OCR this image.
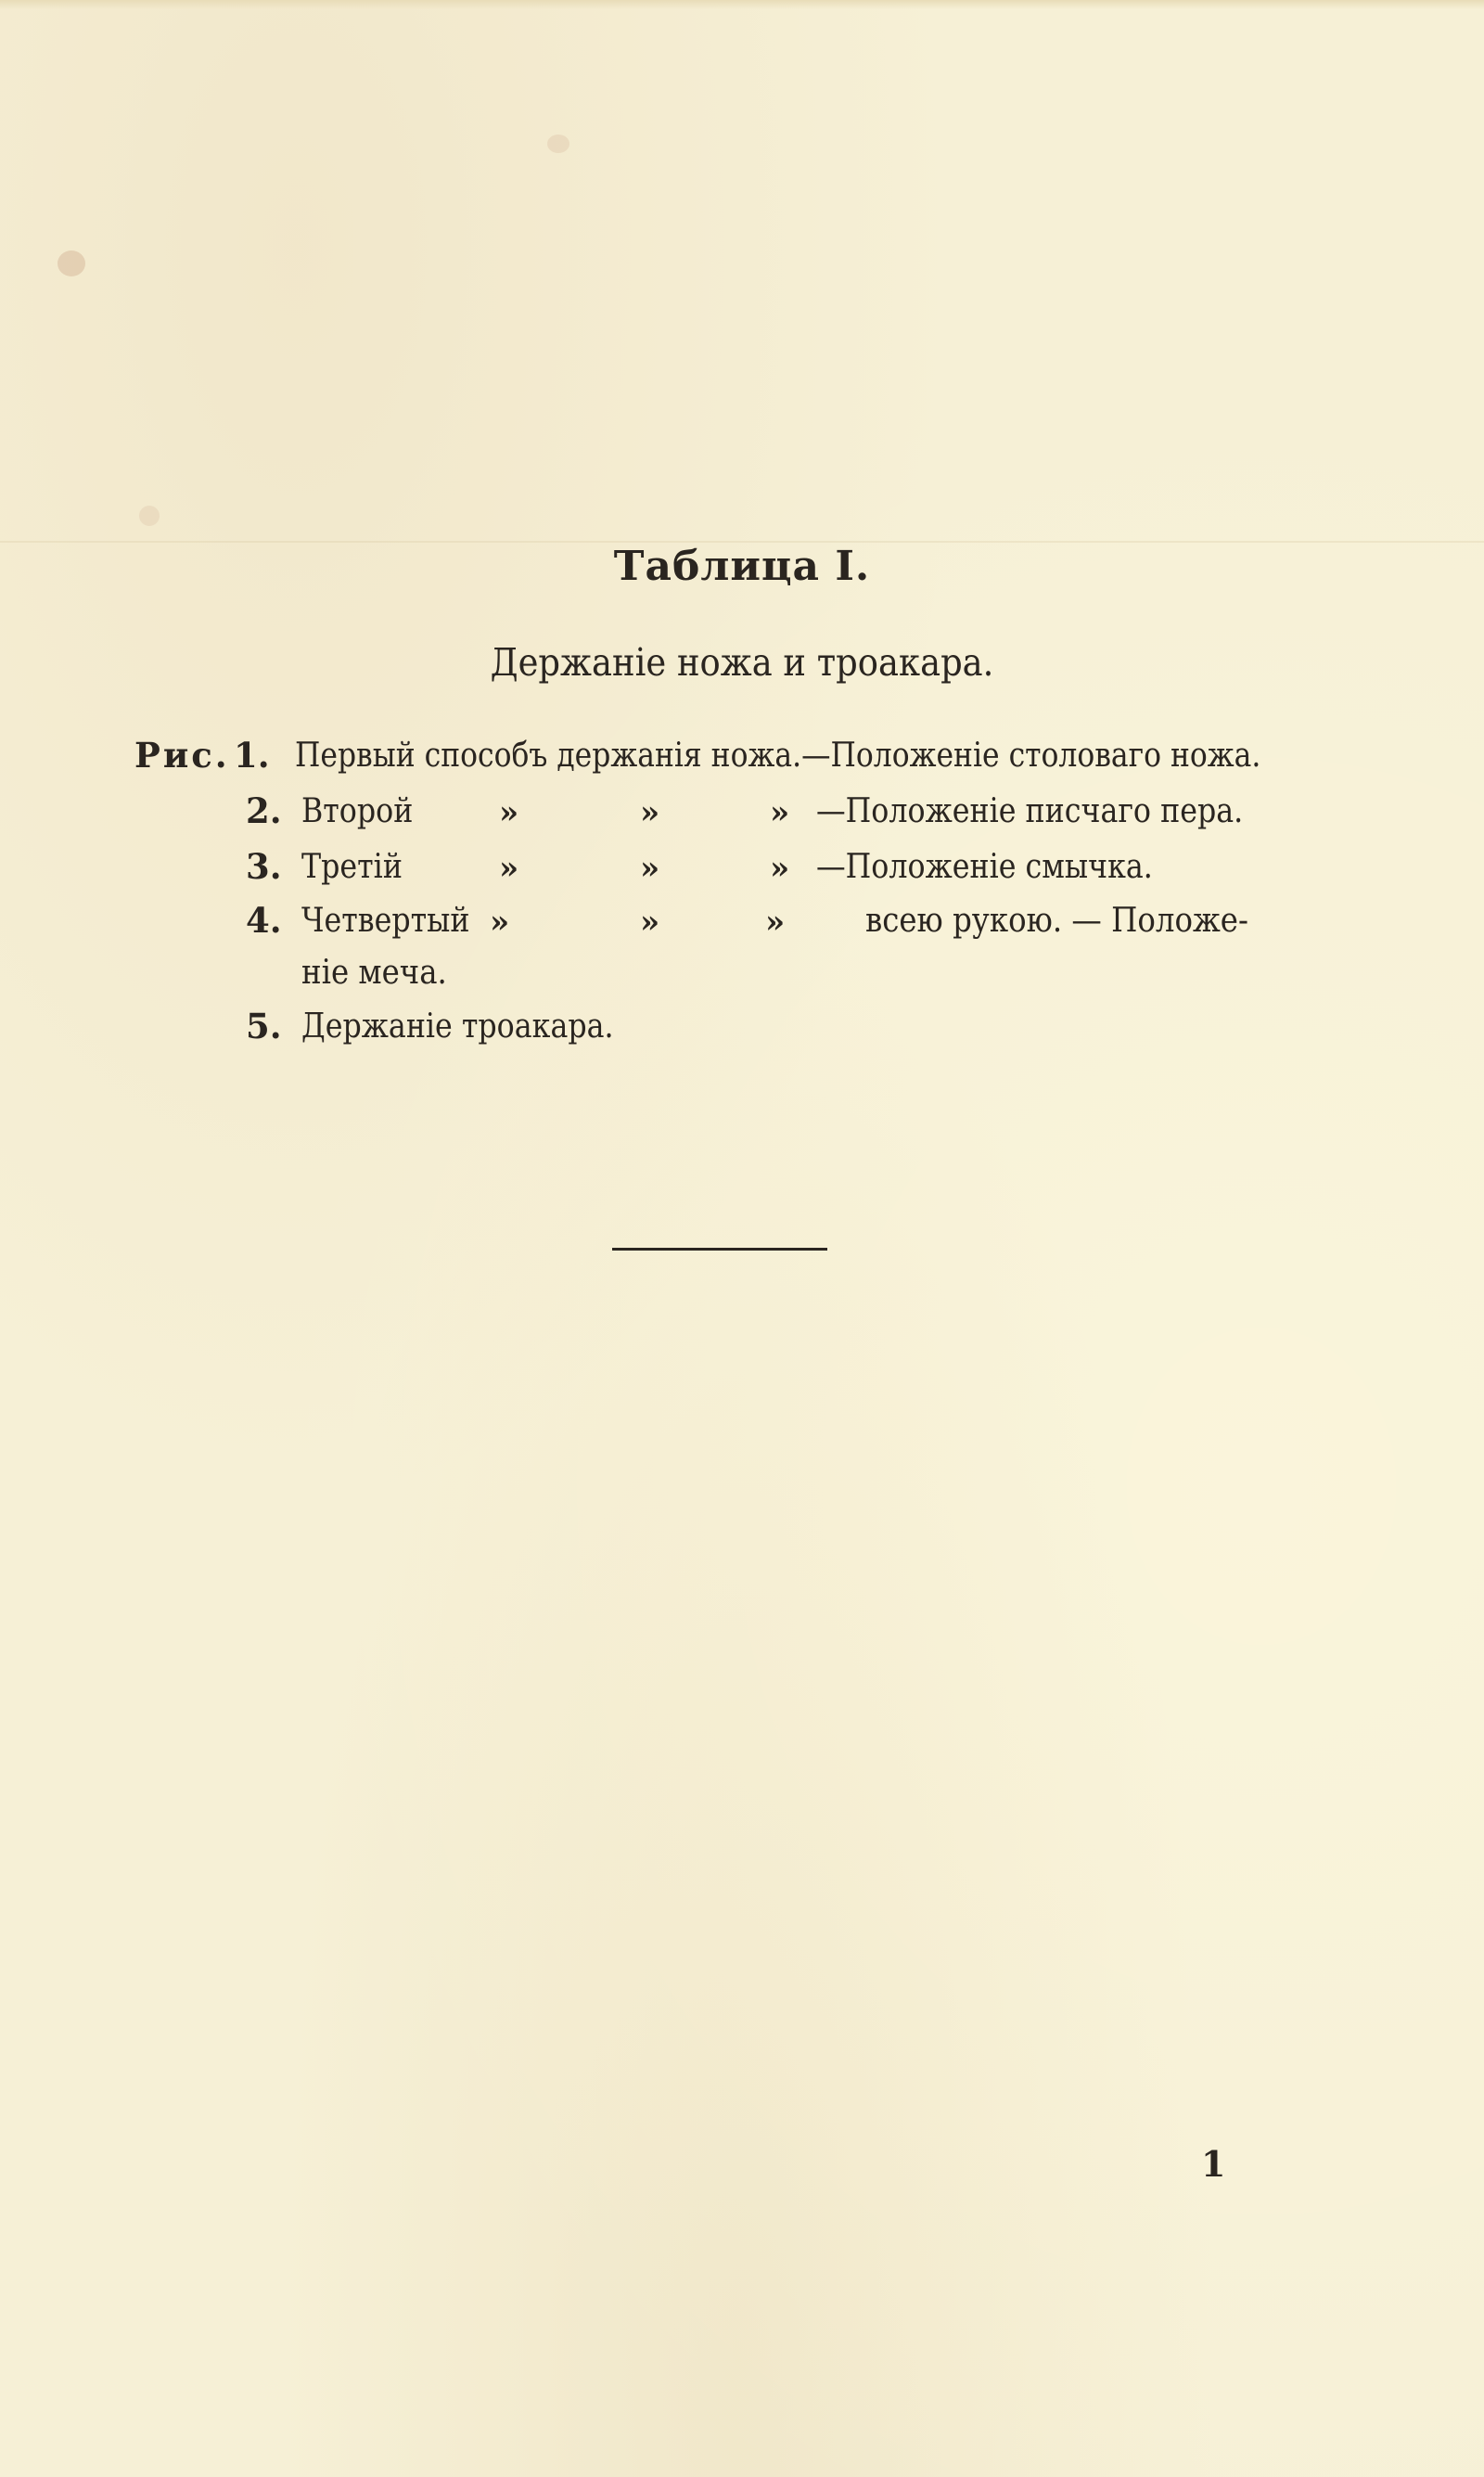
Таблица I.
Держаніе ножа и троакара.
Рис. 1. Первый способъ держанія ножа.—Положеніе столоваго ножа.
2. Второй	»	»	» —Положеніе писчаго пера.
3. Третій	»	»	» —Положеніе смычка.
4. Четвертый »	»	» всею рукою. — Положе-
ніе меча.
5. Держаніе троакара.
1
